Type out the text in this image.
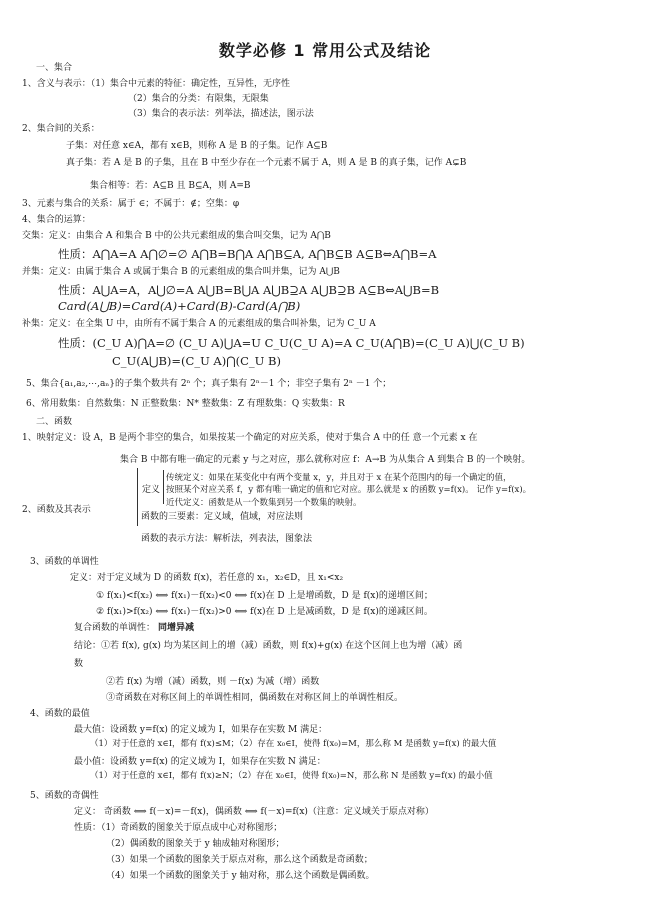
数学必修 1 常用公式及结论
一、集合
1、含义与表示：（1）集合中元素的特征：确定性，互异性，无序性
（2）集合的分类：有限集，无限集
（3）集合的表示法：列举法，描述法，图示法
2、集合间的关系：
子集：对任意 x∈A，都有 x∈B，则称 A 是 B 的子集。记作 A⊆B
真子集：若 A 是 B 的子集，且在 B 中至少存在一个元素不属于 A，则 A 是 B 的真子集，记作 A⊊B
集合相等：若：A⊆B 且 B⊆A，则 A=B
3、元素与集合的关系：属于 ∈；不属于：∉；空集：φ
4、集合的运算：
交集：定义：由集合 A 和集合 B 中的公共元素组成的集合叫交集，记为 A⋂B
性质：A⋂A=A A⋂∅=∅ A⋂B=B⋂A A⋂B⊆A, A⋂B⊆B A⊆B⇔A⋂B=A
并集：定义：由属于集合 A 或属于集合 B 的元素组成的集合叫并集，记为 A⋃B
性质：A⋃A=A，A⋃∅=A A⋃B=B⋃A A⋃B⊇A A⋃B⊇B A⊆B⇔A⋃B=B
Card(A⋃B)=Card(A)+Card(B)-Card(A⋂B)
补集：定义：在全集 U 中，由所有不属于集合 A 的元素组成的集合叫补集，记为 C_U A
性质：(C_U A)⋂A=∅ (C_U A)⋃A=U C_U(C_U A)=A C_U(A⋂B)=(C_U A)⋃(C_U B)
C_U(A⋃B)=(C_U A)⋂(C_U B)
5、集合{a₁,a₂,⋯,aₙ}的子集个数共有 2ⁿ 个；真子集有 2ⁿ－1 个；非空子集有 2ⁿ －1 个；
6、常用数集：自然数集：N 正整数集：N* 整数集：Z 有理数集：Q 实数集：R
二、函数
1、映射定义：设 A，B 是两个非空的集合，如果按某一个确定的对应关系，使对于集合 A 中的任 意一个元素 x 在
集合 B 中都有唯一确定的元素 y 与之对应，那么就称对应 f：A→B 为从集合 A 到集合 B 的一个映射。
传统定义：如果在某变化中有两个变量 x，y，并且对于 x 在某个范围内的每一个确定的值，
按照某个对应关系 f，y 都有唯一确定的值和它对应。那么就是 x 的函数 y=f(x)。 记作 y=f(x)。
近代定义：函数是从一个数集到另一个数集的映射。
定义
2、函数及其表示
函数的三要素：定义域，值域，对应法则
函数的表示方法：解析法，列表法，图象法
3、函数的单调性
定义：对于定义域为 D 的函数 f(x)，若任意的 x₁，x₂∈D，且 x₁<x₂
① f(x₁)<f(x₂) ⟺ f(x₁)－f(x₂)<0 ⟺ f(x)在 D 上是增函数，D 是 f(x)的递增区间；
② f(x₁)>f(x₂) ⟺ f(x₁)－f(x₂)>0 ⟺ f(x)在 D 上是减函数，D 是 f(x)的递减区间。
复合函数的单调性： 同增异减
结论：①若 f(x), g(x) 均为某区间上的增（减）函数，则 f(x)+g(x) 在这个区间上也为增（减）函
数
②若 f(x) 为增（减）函数，则 －f(x) 为减（增）函数
③奇函数在对称区间上的单调性相同，偶函数在对称区间上的单调性相反。
4、函数的最值
最大值：设函数 y=f(x) 的定义域为 I，如果存在实数 M 满足：
（1）对于任意的 x∈I，都有 f(x)≤M；（2）存在 x₀∈I，使得 f(x₀)=M，那么称 M 是函数 y=f(x) 的最大值
最小值：设函数 y=f(x) 的定义域为 I，如果存在实数 N 满足：
（1）对于任意的 x∈I，都有 f(x)≥N；（2）存在 x₀∈I，使得 f(x₀)=N，那么称 N 是函数 y=f(x) 的最小值
5、函数的奇偶性
定义： 奇函数 ⟺ f(－x)=－f(x)，偶函数 ⟺ f(－x)=f(x)（注意：定义域关于原点对称）
性质：（1）奇函数的图象关于原点成中心对称图形；
（2）偶函数的图象关于 y 轴成轴对称图形；
（3）如果一个函数的图象关于原点对称，那么这个函数是奇函数；
（4）如果一个函数的图象关于 y 轴对称，那么这个函数是偶函数。
